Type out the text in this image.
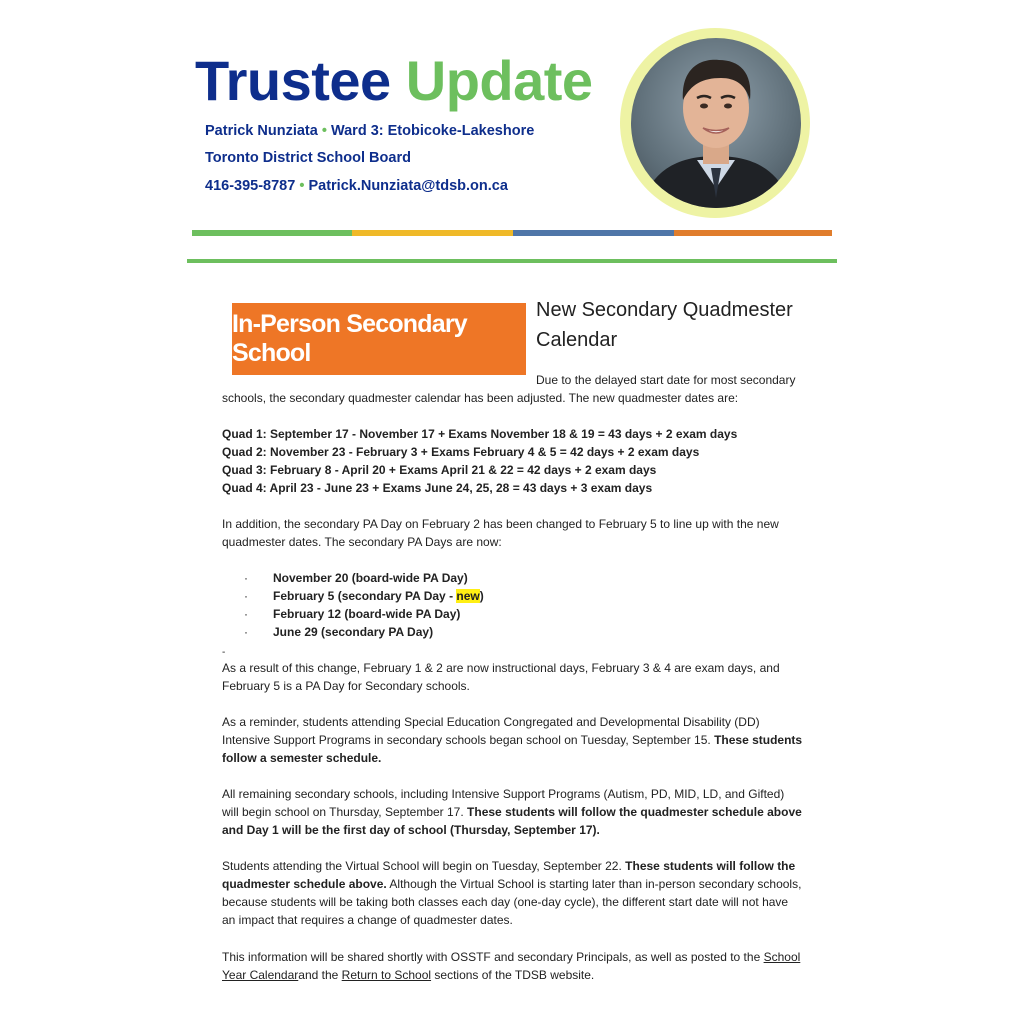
Trustee Update
Patrick Nunziata • Ward 3: Etobicoke-Lakeshore
Toronto District School Board
416-395-8787 • Patrick.Nunziata@tdsb.on.ca
In-Person Secondary School
New Secondary Quadmester Calendar
Due to the delayed start date for most secondary schools, the secondary quadmester calendar has been adjusted. The new quadmester dates are:
Quad 1: September 17 - November 17 + Exams November 18 & 19 = 43 days + 2 exam days
Quad 2: November 23 - February 3 + Exams February 4 & 5 = 42 days + 2 exam days
Quad 3: February 8 - April 20 + Exams April 21 & 22 = 42 days + 2 exam days
Quad 4: April 23 - June 23 + Exams June 24, 25, 28 = 43 days + 3 exam days
In addition, the secondary PA Day on February 2 has been changed to February 5 to line up with the new quadmester dates. The secondary PA Days are now:
·	November 20 (board-wide PA Day)
·	February 5 (secondary PA Day - new)
·	February 12 (board-wide PA Day)
·	June 29 (secondary PA Day)
-
As a result of this change, February 1 & 2 are now instructional days, February 3 & 4 are exam days, and February 5 is a PA Day for Secondary schools.
As a reminder, students attending Special Education Congregated and Developmental Disability (DD) Intensive Support Programs in secondary schools began school on Tuesday, September 15. These students follow a semester schedule.
All remaining secondary schools, including Intensive Support Programs (Autism, PD, MID, LD, and Gifted) will begin school on Thursday, September 17. These students will follow the quadmester schedule above and Day 1 will be the first day of school (Thursday, September 17).
Students attending the Virtual School will begin on Tuesday, September 22. These students will follow the quadmester schedule above. Although the Virtual School is starting later than in-person secondary schools, because students will be taking both classes each day (one-day cycle), the different start date will not have an impact that requires a change of quadmester dates.
This information will be shared shortly with OSSTF and secondary Principals, as well as posted to the School Year Calendarand the Return to School sections of the TDSB website.
